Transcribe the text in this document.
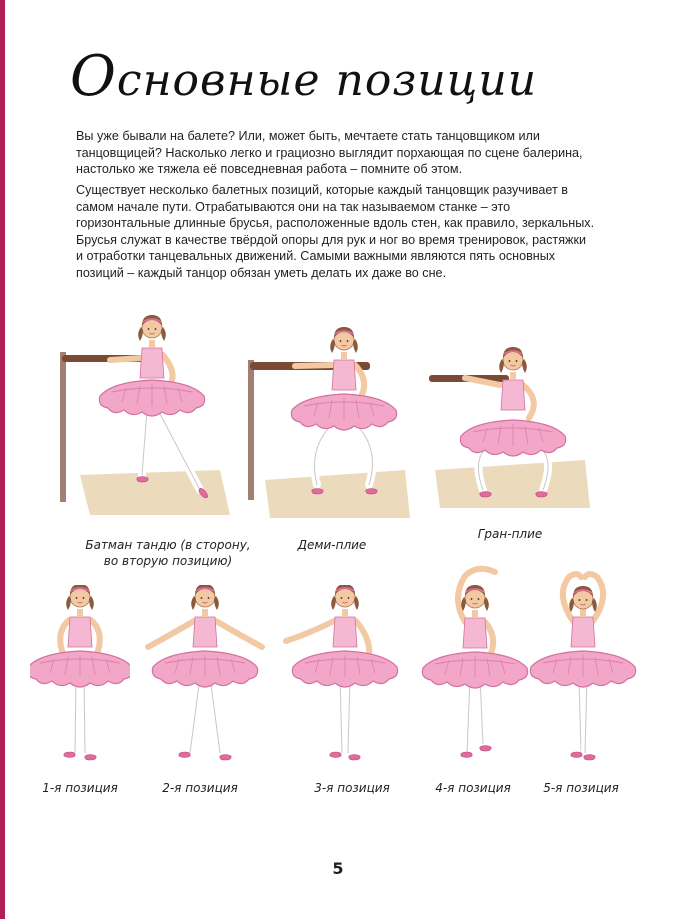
Основные позиции

Вы уже бывали на балете? Или, может быть, мечтаете стать танцовщиком или танцовщицей? Насколько легко и грациозно выглядит порхающая по сцене балерина, настолько же тяжела её повседневная работа – помните об этом.

Существует несколько балетных позиций, которые каждый танцовщик разучивает в самом начале пути. Отрабатываются они на так называемом станке – это горизонтальные длинные брусья, расположенные вдоль стен, как правило, зеркальных. Брусья служат в качестве твёрдой опоры для рук и ног во время тренировок, растяжки и отработки танцевальных движений. Самыми важными являются пять основных позиций – каждый танцор обязан уметь делать их даже во сне.

Батман тандю (в сторону,
во вторую позицию)
Деми-плие
Гран-плие
1-я позиция	2-я позиция	3-я позиция	4-я позиция	5-я позиция
5
